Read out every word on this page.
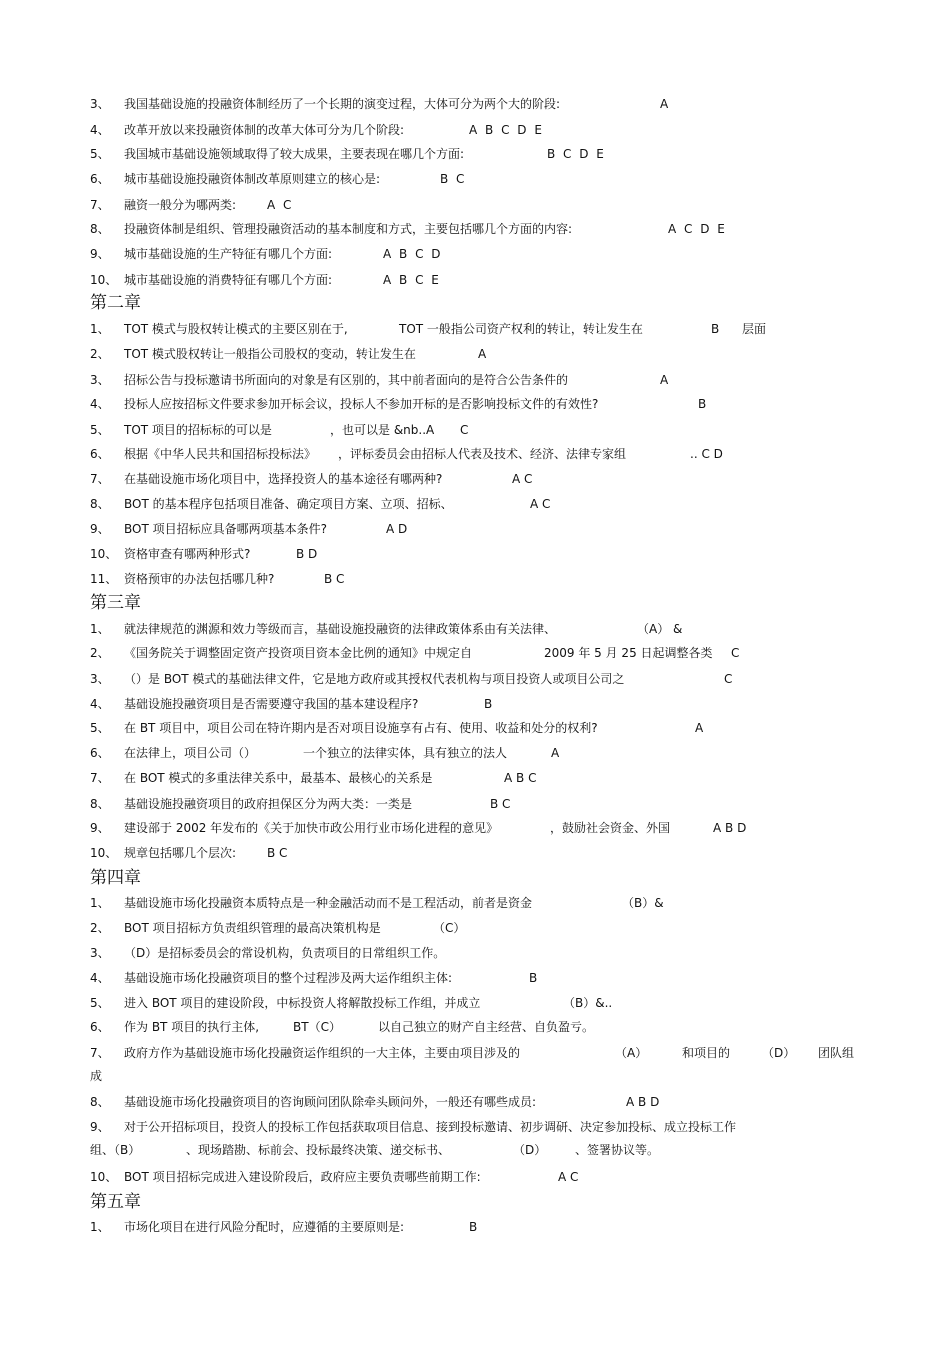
3、 我国基础设施的投融资体制经历了一个长期的演变过程，大体可分为两个大的阶段:	A
4、 改革开放以来投融资体制的改革大体可分为几个阶段:	A B C D E
5、 我国城市基础设施领域取得了较大成果，主要表现在哪几个方面:	B C D E
6、 城市基础设施投融资体制改革原则建立的核心是:	B C
7、 融资一般分为哪两类:	A C
8、 投融资体制是组织、管理投融资活动的基本制度和方式，主要包括哪几个方面的内容:	A C D E
9、 城市基础设施的生产特征有哪几个方面:	A B C D
10、 城市基础设施的消费特征有哪几个方面:	A B C E
第二章
1、 TOT 模式与股权转让模式的主要区别在于,	TOT 一般指公司资产权利的转让，转让发生在	B 层面
2、 TOT 模式股权转让一般指公司股权的变动，转让发生在	A
3、 招标公告与投标邀请书所面向的对象是有区别的，其中前者面向的是符合公告条件的	A
4、 投标人应按招标文件要求参加开标会议，投标人不参加开标的是否影响投标文件的有效性?	B
5、 TOT 项目的招标标的可以是	，也可以是 &nb..A C
6、 根据《中华人民共和国招标投标法》 ，评标委员会由招标人代表及技术、经济、法律专家组	.. C D
7、 在基础设施市场化项目中，选择投资人的基本途径有哪两种?	A C
8、 BOT 的基本程序包括项目准备、确定项目方案、立项、招标、	A C
9、 BOT 项目招标应具备哪两项基本条件?	A D
10、 资格审查有哪两种形式?	B D
11、 资格预审的办法包括哪几种?	B C
第三章
1、 就法律规范的渊源和效力等级而言，基础设施投融资的法律政策体系由有关法律、	（A） &
2、 《国务院关于调整固定资产投资项目资本金比例的通知》中规定自	2009 年 5 月 25 日起调整各类 C
3、 （）是 BOT 模式的基础法律文件，它是地方政府或其授权代表机构与项目投资人或项目公司之	C
4、 基础设施投融资项目是否需要遵守我国的基本建设程序?	B
5、 在 BT 项目中，项目公司在特许期内是否对项目设施享有占有、使用、收益和处分的权利?	A
6、 在法律上，项目公司（）	一个独立的法律实体，具有独立的法人	A
7、 在 BOT 模式的多重法律关系中，最基本、最核心的关系是	A B C
8、 基础设施投融资项目的政府担保区分为两大类：一类是	B C
9、 建设部于 2002 年发布的《关于加快市政公用行业市场化进程的意见》	，鼓励社会资金、外国	A B D
10、 规章包括哪几个层次:	B C
第四章
1、 基础设施市场化投融资本质特点是一种金融活动而不是工程活动，前者是资金	（B）&
2、 BOT 项目招标方负责组织管理的最高决策机构是	（C）
3、 （D）是招标委员会的常设机构，负责项目的日常组织工作。
4、 基础设施市场化投融资项目的整个过程涉及两大运作组织主体:	B
5、 进入 BOT 项目的建设阶段，中标投资人将解散投标工作组，并成立	（B）&..
6、 作为 BT 项目的执行主体,	BT（C）	以自己独立的财产自主经营、自负盈亏。
7、 政府方作为基础设施市场化投融资运作组织的一大主体，主要由项目涉及的	（A）	和项目的	（D） 团队组
成
8、 基础设施市场化投融资项目的咨询顾问团队除牵头顾问外，一般还有哪些成员:	A B D
9、 对于公开招标项目，投资人的投标工作包括获取项目信息、接到投标邀请、初步调研、决定参加投标、成立投标工作
组、（B）	、现场踏勘、标前会、投标最终决策、递交标书、	（D） 、签署协议等。
10、 BOT 项目招标完成进入建设阶段后，政府应主要负责哪些前期工作:	A C
第五章
1、 市场化项目在进行风险分配时，应遵循的主要原则是:	B
